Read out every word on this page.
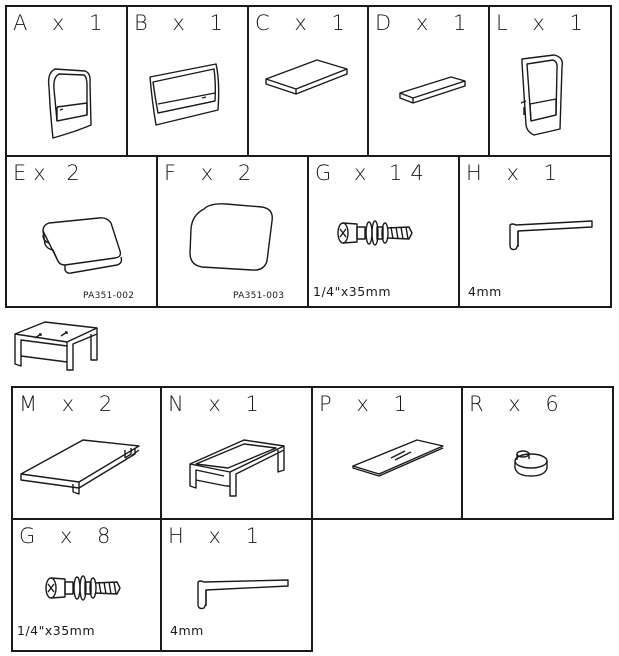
A x 1 B x 1 C x 1 D x 1 L x 1
Ex 2
PA351-002
F x 2
PA351-003
G x 14
1/4"x35mm
H x 1
4mm
M x 2 N x 1 P x 1	R x 6
G x 8
1/4"x35mm
H x 1
4mm
